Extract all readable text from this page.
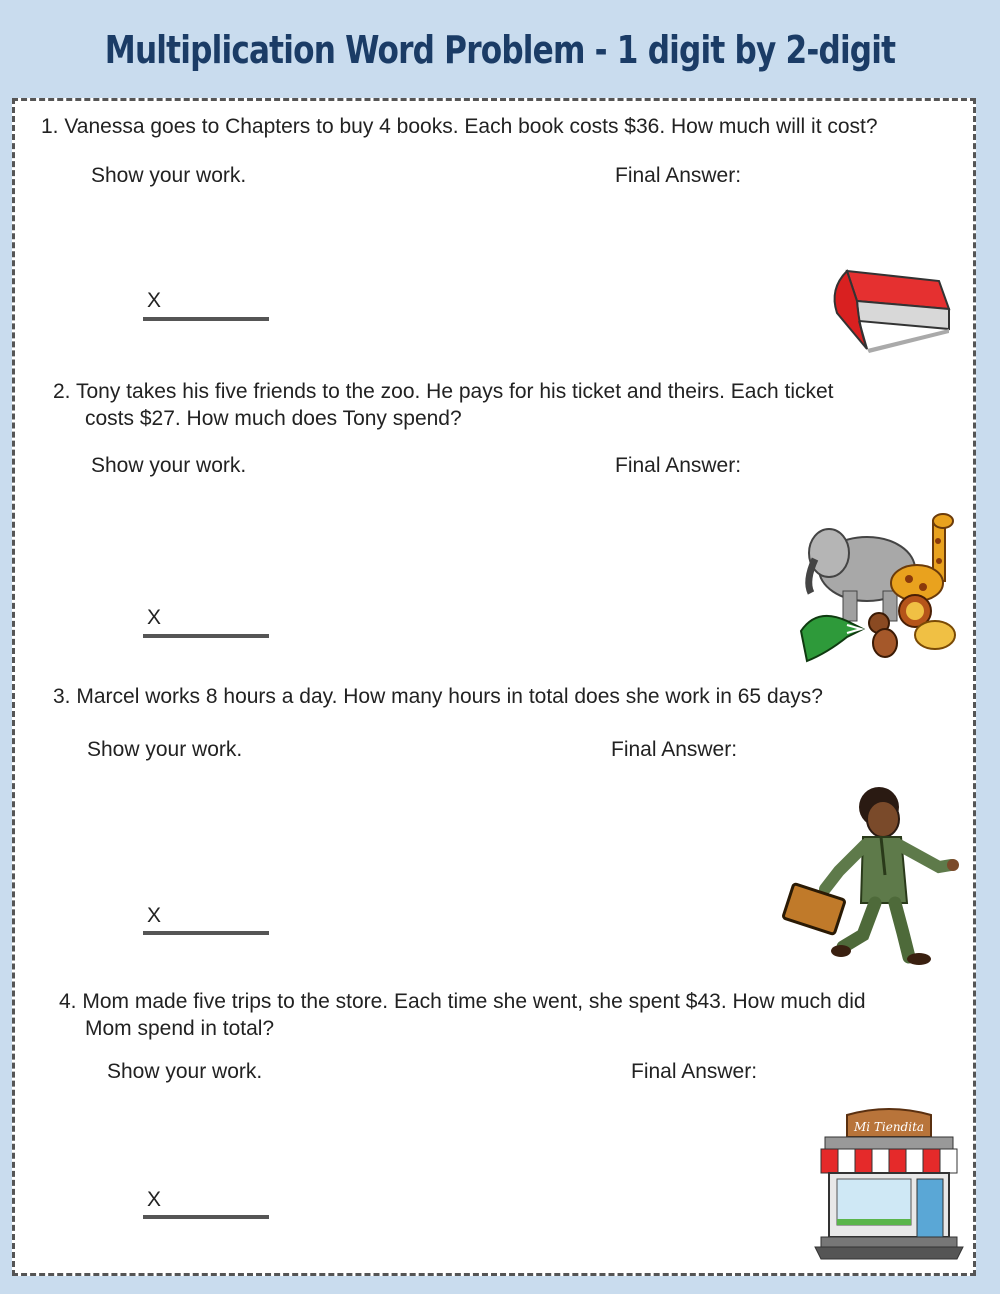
Multiplication Word Problem - 1 digit by 2-digit
1. Vanessa goes to Chapters to buy 4 books. Each book costs $36. How much will it cost?
Show your work.	Final Answer:
X
2. Tony takes his five friends to the zoo. He pays for his ticket and theirs. Each ticket
costs $27. How much does Tony spend?
Show your work.	Final Answer:
X
3. Marcel works 8 hours a day. How many hours in total does she work in 65 days?
Show your work.	Final Answer:
X
4. Mom made five trips to the store. Each time she went, she spent $43. How much did
Mom spend in total?
Show your work.	Final Answer:
X
Mi Tiendita
